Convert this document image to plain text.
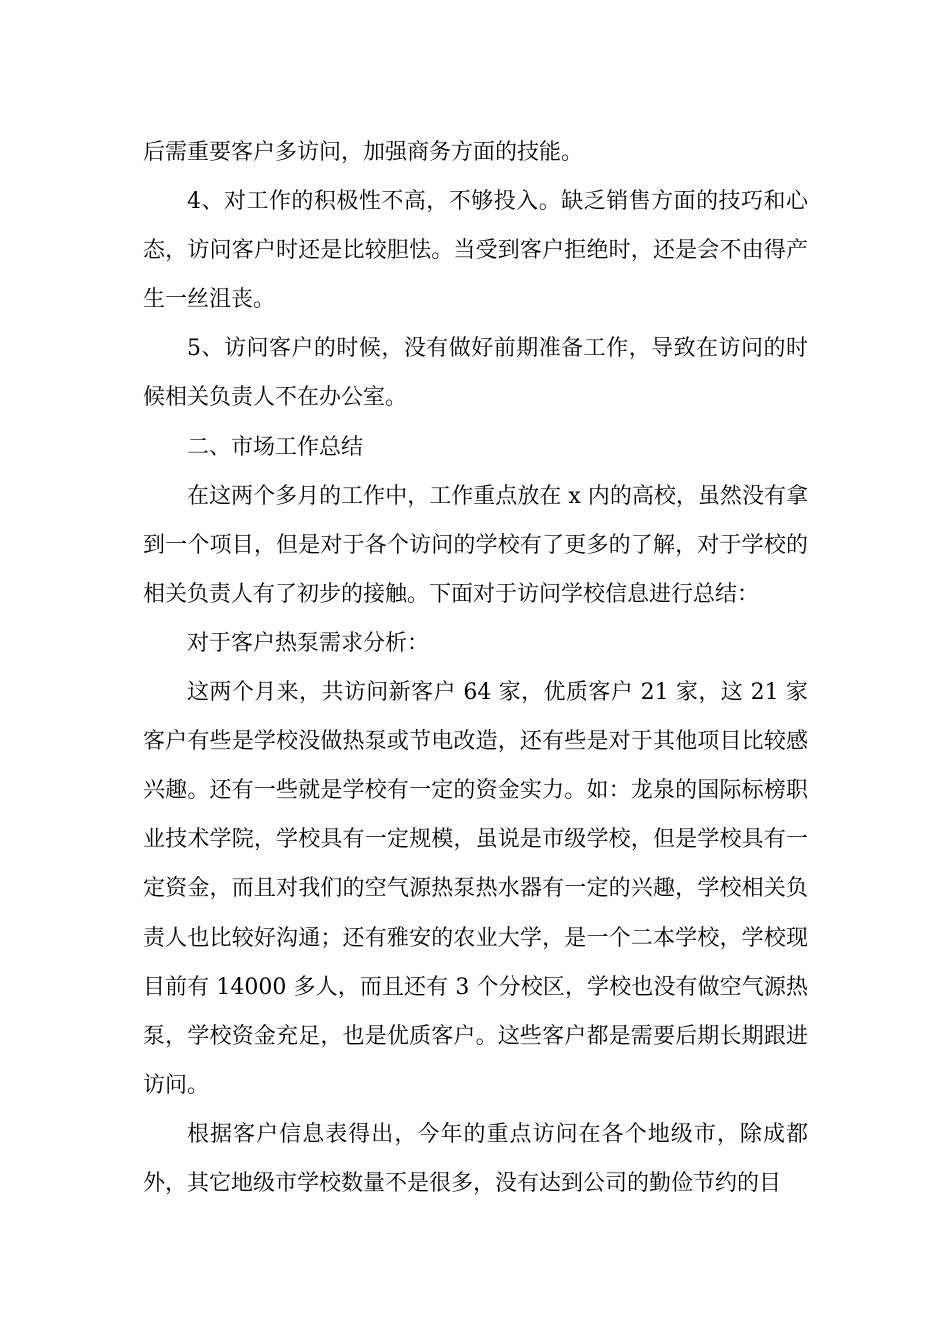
后需重要客户多访问，加强商务方面的技能。

4、对工作的积极性不高，不够投入。缺乏销售方面的技巧和心态，访问客户时还是比较胆怯。当受到客户拒绝时，还是会不由得产生一丝沮丧。

5、访问客户的时候，没有做好前期准备工作，导致在访问的时候相关负责人不在办公室。

二、市场工作总结

在这两个多月的工作中，工作重点放在 x 内的高校，虽然没有拿到一个项目，但是对于各个访问的学校有了更多的了解，对于学校的相关负责人有了初步的接触。下面对于访问学校信息进行总结：

对于客户热泵需求分析：

这两个月来，共访问新客户 64 家，优质客户 21 家，这 21 家客户有些是学校没做热泵或节电改造，还有些是对于其他项目比较感兴趣。还有一些就是学校有一定的资金实力。如：龙泉的国际标榜职业技术学院，学校具有一定规模，虽说是市级学校，但是学校具有一定资金，而且对我们的空气源热泵热水器有一定的兴趣，学校相关负责人也比较好沟通；还有雅安的农业大学，是一个二本学校，学校现目前有 14000 多人，而且还有 3 个分校区，学校也没有做空气源热泵，学校资金充足，也是优质客户。这些客户都是需要后期长期跟进访问。

根据客户信息表得出，今年的重点访问在各个地级市，除成都外，其它地级市学校数量不是很多，没有达到公司的勤俭节约的目
